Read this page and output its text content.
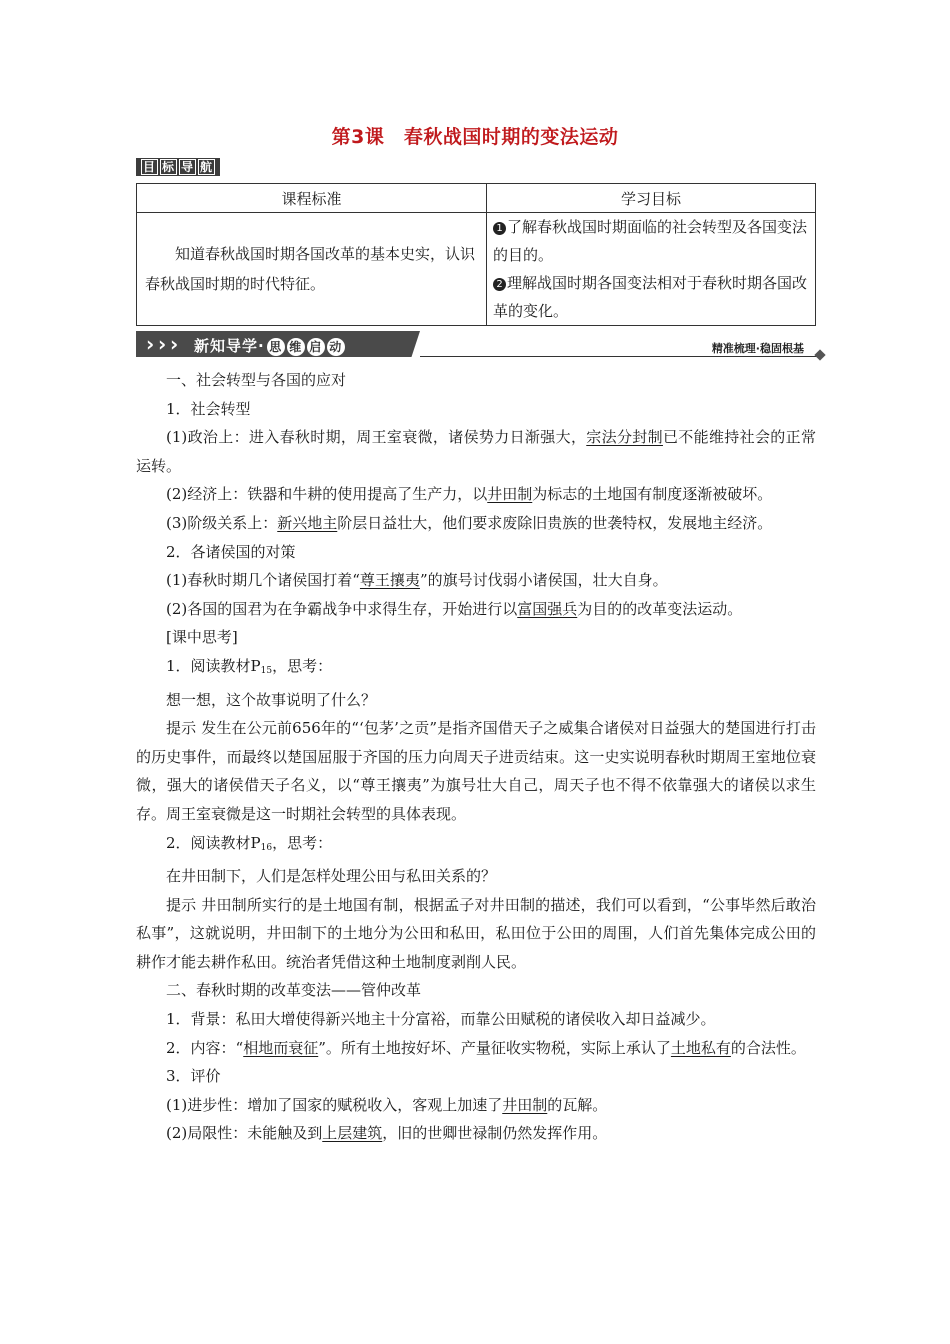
第3课　春秋战国时期的变法运动
目 标 导 航
课程标准	学习目标
知道春秋战国时期各国改革的基本史实，认识春秋战国时期的时代特征。	1 了解春秋战国时期面临的社会转型及各国变法的目的。
2 理解战国时期各国变法相对于春秋时期各国改革的变化。
› › › 新知导学· 思 维 启 动	精准梳理·稳固根基

一、社会转型与各国的应对

1．社会转型

(1)政治上：进入春秋时期，周王室衰微，诸侯势力日渐强大，宗法分封制已不能维持社会的正常运转。

(2)经济上：铁器和牛耕的使用提高了生产力，以井田制为标志的土地国有制度逐渐被破坏。

(3)阶级关系上：新兴地主阶层日益壮大，他们要求废除旧贵族的世袭特权，发展地主经济。

2．各诸侯国的对策

(1)春秋时期几个诸侯国打着“尊王攘夷”的旗号讨伐弱小诸侯国，壮大自身。

(2)各国的国君为在争霸战争中求得生存，开始进行以富国强兵为目的的改革变法运动。

[课中思考]

1．阅读教材$P_{15}$，思考：

想一想，这个故事说明了什么？

提示 发生在公元前656年的“‘包茅’之贡”是指齐国借天子之威集合诸侯对日益强大的楚国进行打击的历史事件，而最终以楚国屈服于齐国的压力向周天子进贡结束。这一史实说明春秋时期周王室地位衰微，强大的诸侯借天子名义，以“尊王攘夷”为旗号壮大自己，周天子也不得不依靠强大的诸侯以求生存。周王室衰微是这一时期社会转型的具体表现。

2．阅读教材$P_{16}$，思考：

在井田制下，人们是怎样处理公田与私田关系的？

提示 井田制所实行的是土地国有制，根据孟子对井田制的描述，我们可以看到，“公事毕然后敢治私事”，这就说明，井田制下的土地分为公田和私田，私田位于公田的周围，人们首先集体完成公田的耕作才能去耕作私田。统治者凭借这种土地制度剥削人民。

二、春秋时期的改革变法——管仲改革

1．背景：私田大增使得新兴地主十分富裕，而靠公田赋税的诸侯收入却日益减少。

2．内容：“相地而衰征”。所有土地按好坏、产量征收实物税，实际上承认了土地私有的合法性。

3．评价

(1)进步性：增加了国家的赋税收入，客观上加速了井田制的瓦解。

(2)局限性：未能触及到上层建筑，旧的世卿世禄制仍然发挥作用。
